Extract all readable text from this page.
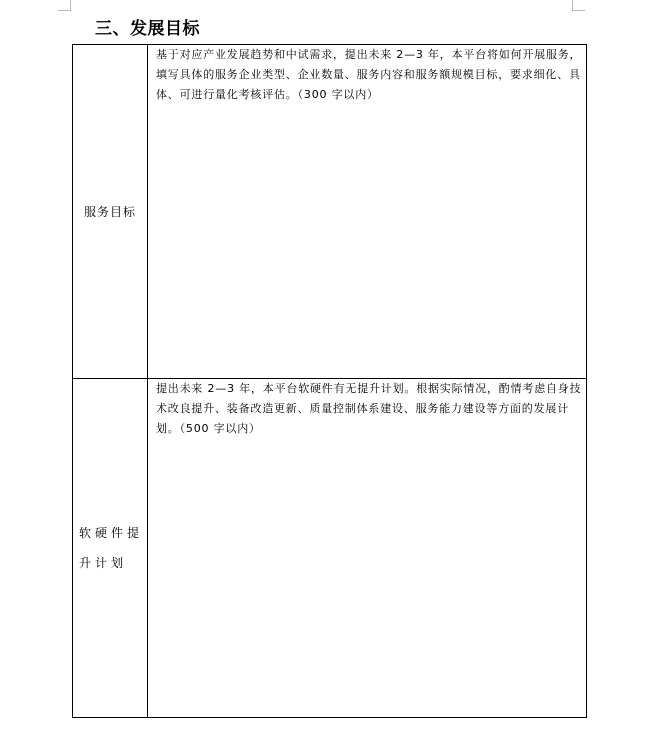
三、发展目标
服务目标	基于对应产业发展趋势和中试需求，提出未来 2—3 年，本平台将如何开展服务，填写具体的服务企业类型、企业数量、服务内容和服务额规模目标，要求细化、具体、可进行量化考核评估。（300 字以内）
软硬件提升计划	提出未来 2—3 年，本平台软硬件有无提升计划。根据实际情况，酌情考虑自身技术改良提升、装备改造更新、质量控制体系建设、服务能力建设等方面的发展计划。（500 字以内）
